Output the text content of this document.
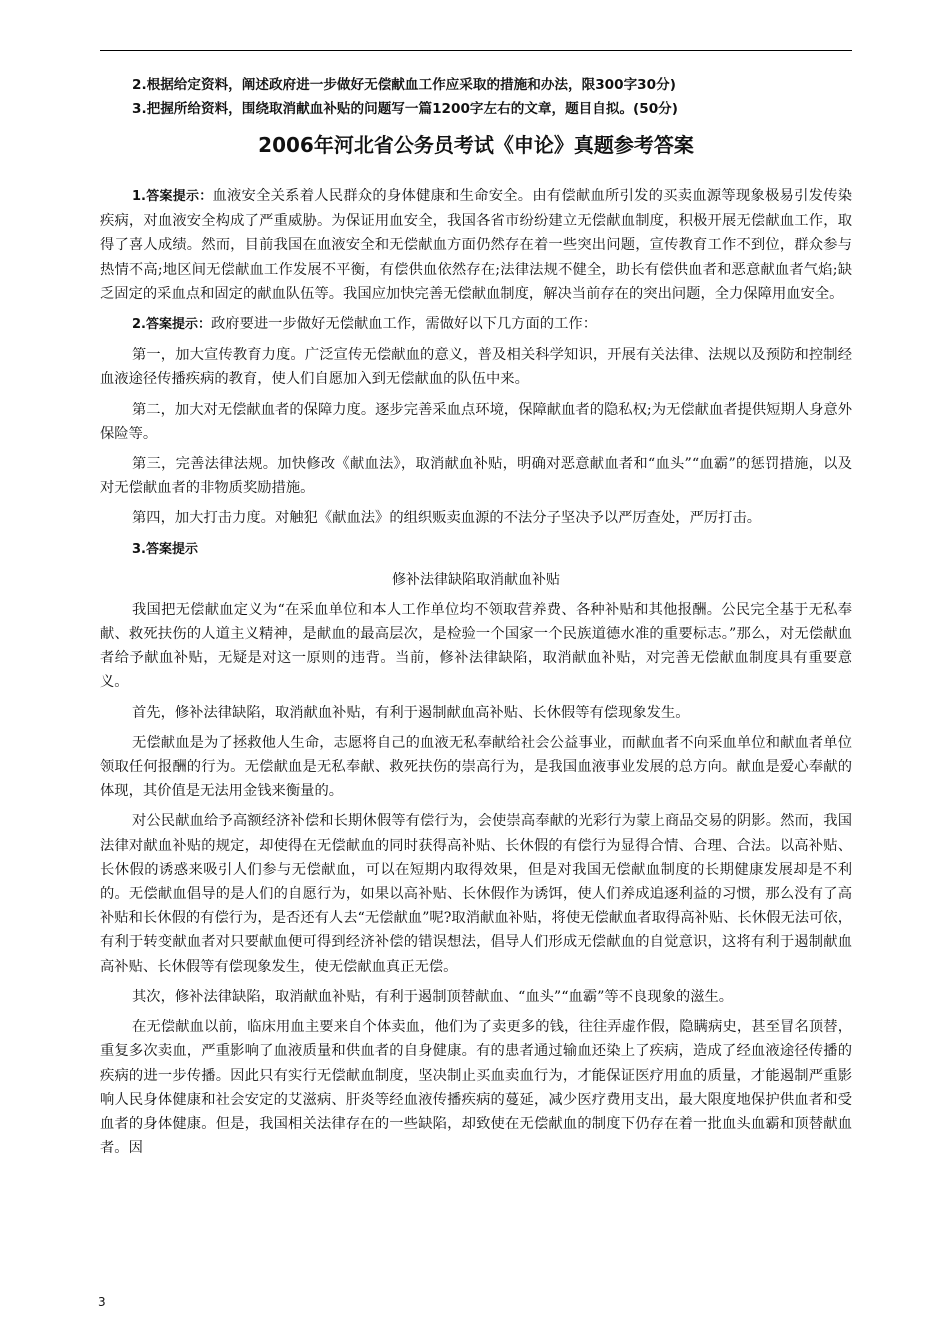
2.根据给定资料，阐述政府进一步做好无偿献血工作应采取的措施和办法，限300字30分)

3.把握所给资料，围绕取消献血补贴的问题写一篇1200字左右的文章，题目自拟。(50分)

2006年河北省公务员考试《申论》真题参考答案

1.答案提示：血液安全关系着人民群众的身体健康和生命安全。由有偿献血所引发的买卖血源等现象极易引发传染疾病，对血液安全构成了严重威胁。为保证用血安全，我国各省市纷纷建立无偿献血制度，积极开展无偿献血工作，取得了喜人成绩。然而，目前我国在血液安全和无偿献血方面仍然存在着一些突出问题，宣传教育工作不到位，群众参与热情不高;地区间无偿献血工作发展不平衡，有偿供血依然存在;法律法规不健全，助长有偿供血者和恶意献血者气焰;缺乏固定的采血点和固定的献血队伍等。我国应加快完善无偿献血制度，解决当前存在的突出问题，全力保障用血安全。

2.答案提示：政府要进一步做好无偿献血工作，需做好以下几方面的工作：

第一，加大宣传教育力度。广泛宣传无偿献血的意义，普及相关科学知识，开展有关法律、法规以及预防和控制经血液途径传播疾病的教育，使人们自愿加入到无偿献血的队伍中来。

第二，加大对无偿献血者的保障力度。逐步完善采血点环境，保障献血者的隐私权;为无偿献血者提供短期人身意外保险等。

第三，完善法律法规。加快修改《献血法》，取消献血补贴，明确对恶意献血者和“血头”“血霸”的惩罚措施，以及对无偿献血者的非物质奖励措施。

第四，加大打击力度。对触犯《献血法》的组织贩卖血源的不法分子坚决予以严厉查处，严厉打击。

3.答案提示

修补法律缺陷取消献血补贴

我国把无偿献血定义为“在采血单位和本人工作单位均不领取营养费、各种补贴和其他报酬。公民完全基于无私奉献、救死扶伤的人道主义精神，是献血的最高层次，是检验一个国家一个民族道德水准的重要标志。”那么，对无偿献血者给予献血补贴，无疑是对这一原则的违背。当前，修补法律缺陷，取消献血补贴，对完善无偿献血制度具有重要意义。

首先，修补法律缺陷，取消献血补贴，有利于遏制献血高补贴、长休假等有偿现象发生。

无偿献血是为了拯救他人生命，志愿将自己的血液无私奉献给社会公益事业，而献血者不向采血单位和献血者单位领取任何报酬的行为。无偿献血是无私奉献、救死扶伤的崇高行为，是我国血液事业发展的总方向。献血是爱心奉献的体现，其价值是无法用金钱来衡量的。

对公民献血给予高额经济补偿和长期休假等有偿行为，会使崇高奉献的光彩行为蒙上商品交易的阴影。然而，我国法律对献血补贴的规定，却使得在无偿献血的同时获得高补贴、长休假的有偿行为显得合情、合理、合法。以高补贴、长休假的诱惑来吸引人们参与无偿献血，可以在短期内取得效果，但是对我国无偿献血制度的长期健康发展却是不利的。无偿献血倡导的是人们的自愿行为，如果以高补贴、长休假作为诱饵，使人们养成追逐利益的习惯，那么没有了高补贴和长休假的有偿行为，是否还有人去“无偿献血”呢?取消献血补贴，将使无偿献血者取得高补贴、长休假无法可依，有利于转变献血者对只要献血便可得到经济补偿的错误想法，倡导人们形成无偿献血的自觉意识，这将有利于遏制献血高补贴、长休假等有偿现象发生，使无偿献血真正无偿。

其次，修补法律缺陷，取消献血补贴，有利于遏制顶替献血、“血头”“血霸”等不良现象的滋生。

在无偿献血以前，临床用血主要来自个体卖血，他们为了卖更多的钱，往往弄虚作假，隐瞒病史，甚至冒名顶替，重复多次卖血，严重影响了血液质量和供血者的自身健康。有的患者通过输血还染上了疾病，造成了经血液途径传播的疾病的进一步传播。因此只有实行无偿献血制度，坚决制止买血卖血行为，才能保证医疗用血的质量，才能遏制严重影响人民身体健康和社会安定的艾滋病、肝炎等经血液传播疾病的蔓延，减少医疗费用支出，最大限度地保护供血者和受血者的身体健康。但是，我国相关法律存在的一些缺陷，却致使在无偿献血的制度下仍存在着一批血头血霸和顶替献血者。因

3
